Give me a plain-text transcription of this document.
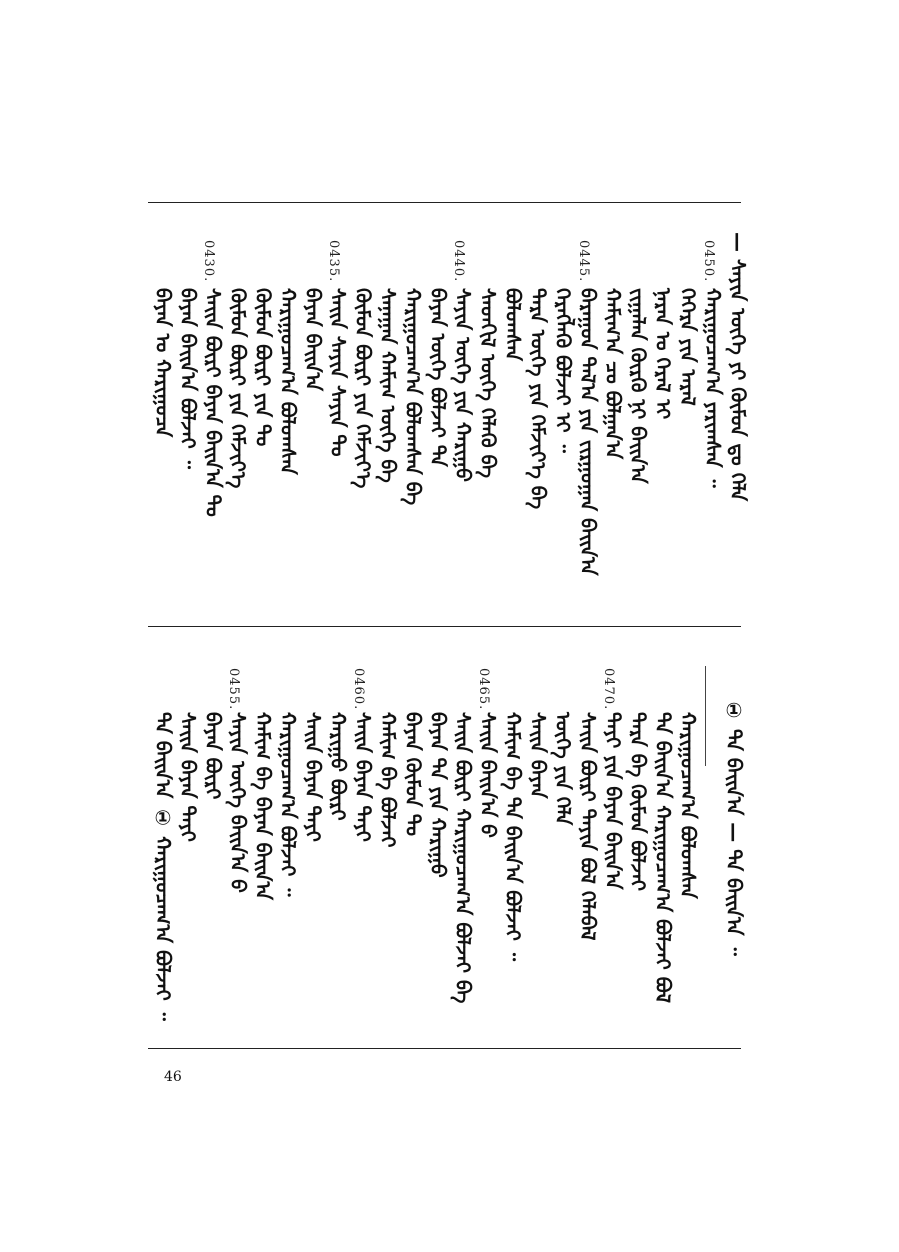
— ᠰᠠᠶᠢᠨ ᠦᠭᠡ ᠶᠢ ᠬᠦᠮᠦᠨ ᠳᠤ ᠬᠡᠯᠡ
ᠬᠠᠷᠢᠭᠤᠴᠠᠭ᠎ᠠ ᠶᠠᠷᠢᠭᠰᠠᠨ ᠃
ᠬᠡᠭᠡᠷᠡ ᠶᠢᠨ ᠠᠷᠠᠯ
ᠨᠠᠷᠠᠨ ᠤ ᠭᠡᠷᠡᠯ ᠢ
ᠵᠢᠭᠠᠯᠠᠨ ᠬᠦᠷᠬᠦ ᠨᠢ ᠪᠠᠢ᠌ᠨ᠎ᠠ
ᠬᠠᠮᠢᠭ᠎ᠠ ᠴᠤ ᠪᠤᠯᠭᠠᠨ᠎ᠠ
ᠪᠠᠷᠠᠭᠤᠨ ᠲᠠᠯ᠎ᠠ ᠶᠢᠨ ᠵᠢᠷᠭᠤᠭᠠᠨ ᠪᠠᠢ᠌ᠨ᠎ᠠ
ᠬᠡᠷᠡᠭᠯᠡᠬᠦ ᠪᠣᠯᠵᠠᠢ ᠢ ᠃
ᠲᠡᠷᠡ ᠦᠭᠡ ᠶᠢᠨ ᠬᠡᠮᠵᠢᠶ᠎ᠡ ᠪᠡ
ᠪᠣᠯᠤᠭᠰᠠᠨ
ᠰᠡᠳᠬᠢᠯ ᠦᠭᠡ ᠬᠡᠯᠡᠬᠦ ᠪᠡ
ᠰᠠᠶᠢᠨ ᠦᠭᠡ ᠶᠢᠨ ᠬᠠᠷᠢᠭᠤ
ᠪᠠᠶᠠᠨ ᠦᠭᠡ ᠪᠣᠯᠵᠠᠢ ᠲᠠ
ᠬᠠᠷᠢᠭᠤᠴᠠᠭ᠎ᠠ ᠪᠣᠯᠤᠭᠰᠠᠨ ᠪᠡ
ᠰᠠᠨᠠᠭᠠᠨ ᠬᠠᠮᠢᠭ ᠦᠭᠡ ᠪᠡ
ᠬᠦᠮᠦᠨ ᠪᠦᠷᠢ ᠶᠢᠨ ᠬᠡᠮᠵᠢᠶ᠎ᠡ
ᠰᠠᠢ᠌ᠨ ᠰᠠᠶᠢᠨ ᠰᠠᠶᠢᠨ ᠲᠤ
ᠪᠠᠶᠠᠨ ᠪᠠᠢ᠌ᠨ᠎ᠠ
ᠬᠠᠷᠢᠭᠤᠴᠠᠭ᠎ᠠ ᠪᠣᠯᠤᠭᠰᠠᠨ
ᠬᠦᠮᠦᠨ ᠪᠦᠷᠢ ᠶᠢᠨ ᠲᠤ
ᠬᠦᠮᠦᠨ ᠪᠦᠷᠢ ᠶᠢᠨ ᠬᠡᠮᠵᠢᠶ᠎ᠡ
ᠰᠠᠢ᠌ᠨ ᠪᠦᠷᠢ ᠪᠠᠶᠠᠨ ᠪᠠᠢ᠌ᠨ᠎ᠠ ᠲᠤ
ᠪᠠᠶᠠᠨ ᠪᠠᠢ᠌ᠨ᠎ᠠ ᠪᠣᠯᠵᠠᠢ ᠃
ᠪᠠᠶᠠᠨ ᠤ ᠬᠠᠷᠢᠭᠤᠴᠠ
0450.
0445.
0440.
0435.
0430.
① ᠲᠠ ᠪᠠᠢ᠌ᠨ᠎ᠠ — ᠲᠠ ᠪᠠᠢ᠌ᠨ᠎ᠠ ᠃
ᠬᠠᠷᠢᠭᠤᠴᠠᠭ᠎ᠠ ᠪᠣᠯᠤᠭᠰᠠᠨ
ᠲᠠ ᠪᠠᠢ᠌ᠨ᠎ᠠ ᠬᠠᠷᠢᠭᠤᠴᠠᠭ᠎ᠠ ᠪᠣᠯᠵᠠᠢ ᠪᠣᠯ
ᠲᠡᠷᠡ ᠪᠡ ᠬᠦᠮᠦᠨ ᠪᠣᠯᠵᠠᠢ
ᠲᠠᠶᠢ ᠶᠢᠨ ᠪᠠᠶᠠᠨ ᠪᠠᠢ᠌ᠨ᠎ᠠ
ᠰᠠᠢ᠌ᠨ ᠪᠦᠷᠢ ᠲᠡᠶᠢᠨ ᠪᠣᠯ ᠬᠡᠯᠡᠪᠡᠯ
ᠦᠭᠡ ᠶᠢᠨ ᠬᠡᠯᠡ
ᠰᠠᠢ᠌ᠨ ᠪᠠᠶᠠᠨ
ᠬᠠᠮᠢᠭ ᠪᠡ ᠲᠠ ᠪᠠᠢ᠌ᠨ᠎ᠠ ᠪᠣᠯᠵᠠᠢ ᠃
ᠰᠠᠢ᠌ᠨ ᠪᠠᠢ᠌ᠨ᠎ᠠ ᠪ
ᠰᠠᠢ᠌ᠨ ᠪᠦᠷᠢ ᠬᠠᠷᠢᠭᠤᠴᠠᠭ᠎ᠠ ᠪᠣᠯᠵᠠᠢ ᠪᠡ
ᠪᠠᠶᠠᠨ ᠲᠡ ᠶᠢᠨ ᠬᠠᠷᠢᠭᠤ
ᠪᠠᠶᠠᠨ ᠬᠦᠮᠦᠨ ᠲᠤ
ᠬᠠᠮᠢᠭ ᠪᠡ ᠪᠣᠯᠵᠠᠢ
ᠰᠠᠢ᠌ᠨ ᠪᠠᠶᠠᠨ ᠲᠠᠶᠢ
ᠬᠠᠷᠢᠭᠤ ᠪᠦᠷᠢ
ᠰᠠᠢ᠌ᠨ ᠪᠠᠶᠠᠨ ᠲᠠᠶᠢ
ᠬᠠᠷᠢᠭᠤᠴᠠᠭ᠎ᠠ ᠪᠣᠯᠵᠠᠢ ᠃
ᠬᠠᠮᠢᠭ ᠪᠡ ᠪᠠᠶᠠᠨ ᠪᠠᠢ᠌ᠨ᠎ᠠ
ᠰᠠᠶᠢᠨ ᠦᠭᠡ ᠪᠠᠢ᠌ᠨ᠎ᠠ ᠪ
ᠪᠠᠶᠠᠨ ᠪᠦᠷᠢ
ᠰᠠᠢ᠌ᠨ ᠪᠠᠶᠠᠨ ᠲᠠᠶᠢ
ᠲᠠ ᠪᠠᠢ᠌ᠨ᠎ᠠ ① ᠬᠠᠷᠢᠭᠤᠴᠠᠭ᠎ᠠ ᠪᠣᠯᠵᠠᠢ ᠃
0470.
0465.
0460.
0455.
46
